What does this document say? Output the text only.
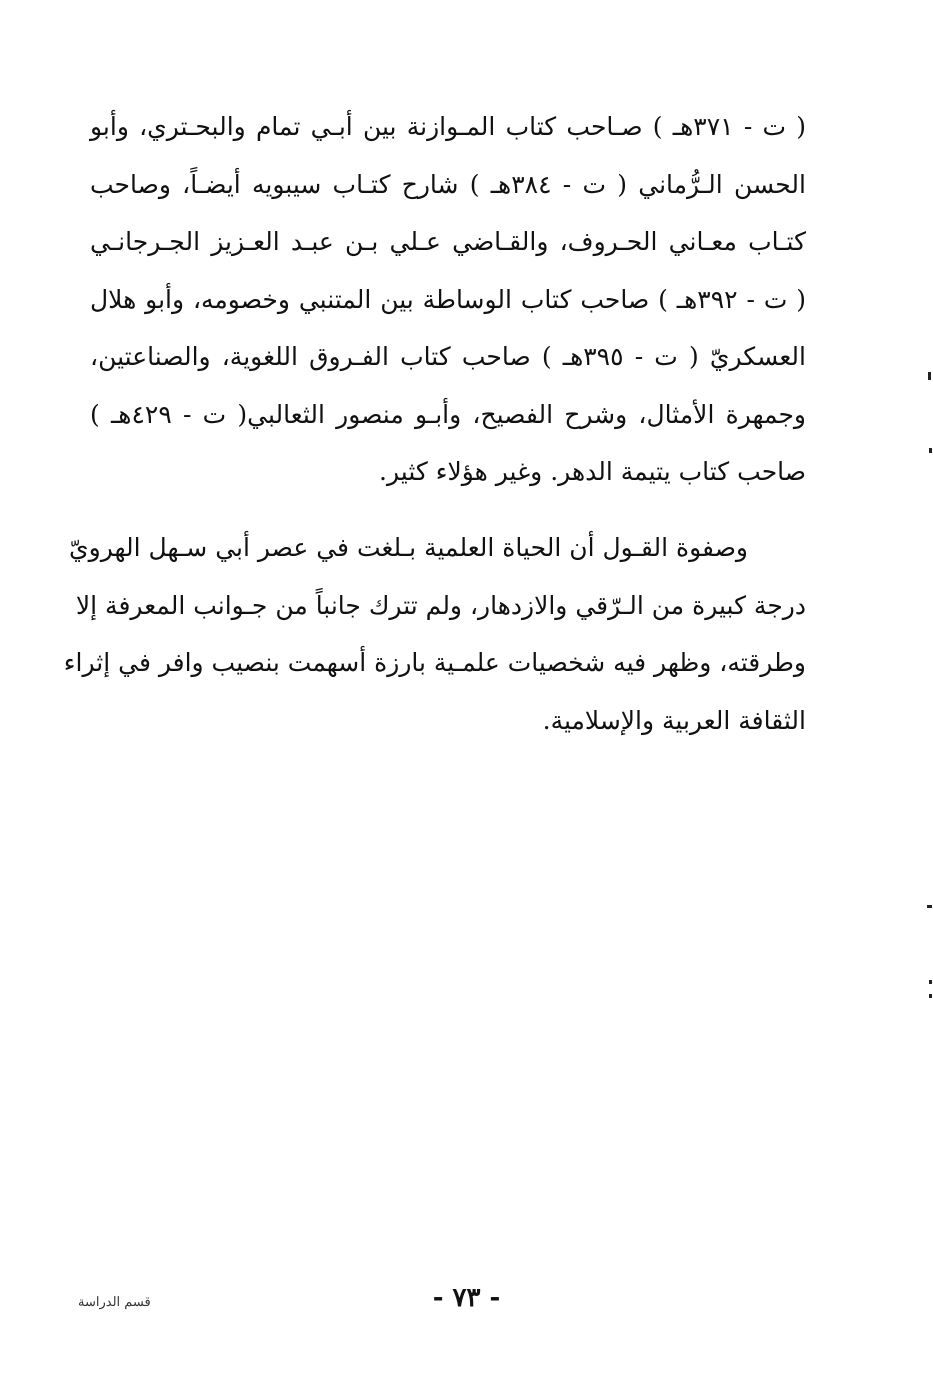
( ت - ٣٧١هـ ) صـاحب كتاب المـوازنة بين أبـي تمام والبحـتري، وأبو
الحسن الـرُّماني ( ت - ٣٨٤هـ ) شارح كتـاب سيبويه أيضـاً، وصاحب
كتـاب معـاني الحـروف، والقـاضي عـلي بـن عبـد العـزيز الجـرجانـي
( ت - ٣٩٢هـ ) صاحب كتاب الوساطة بين المتنبي وخصومه، وأبو هلال
العسكريّ ( ت - ٣٩٥هـ ) صاحب كتاب الفـروق اللغوية، والصناعتين،
وجمهرة الأمثال، وشرح الفصيح، وأبـو منصور الثعالبي( ت - ٤٢٩هـ )
صاحب كتاب يتيمة الدهر. وغير هؤلاء كثير.

وصفوة القـول أن الحياة العلمية بـلغت في عصر أبي سـهل الهرويّ
درجة كبيرة من الـرّقي والازدهار، ولم تترك جانباً من جـوانب المعرفة إلا
وطرقته، وظهر فيه شخصيات علمـية بارزة أسهمت بنصيب وافر في إثراء
الثقافة العربية والإسلامية.

- ٧٣ -
قسم الدراسة
